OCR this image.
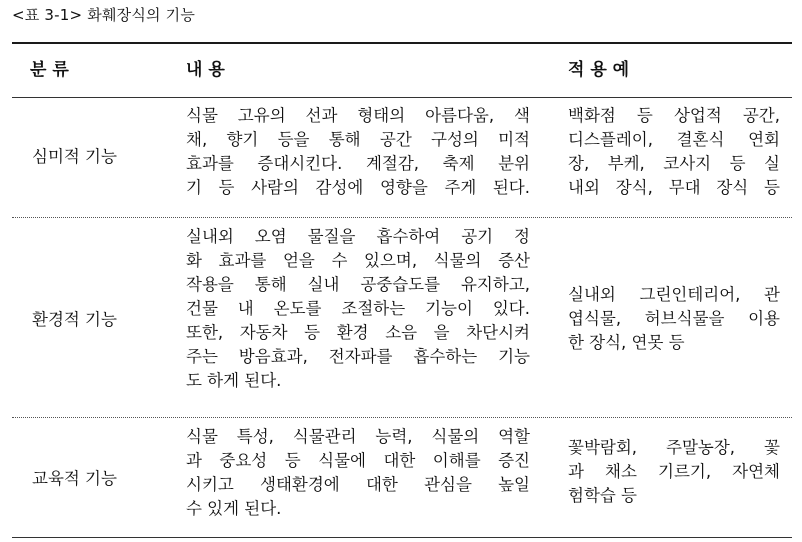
<표 3-1> 화훼장식의 기능
분 류	내 용	적 용 예
심미적 기능
식물 고유의 선과 형태의 아름다움, 색
채, 향기 등을 통해 공간 구성의 미적
효과를 증대시킨다. 계절감, 축제 분위
기 등 사람의 감성에 영향을 주게 된다.
백화점 등 상업적 공간,
디스플레이, 결혼식 연회
장, 부케, 코사지 등 실
내외 장식, 무대 장식 등
환경적 기능
실내외 오염 물질을 흡수하여 공기 정
화 효과를 얻을 수 있으며, 식물의 증산
작용을 통해 실내 공중습도를 유지하고,
건물 내 온도를 조절하는 기능이 있다.
또한, 자동차 등 환경 소음 을 차단시켜
주는 방음효과, 전자파를 흡수하는 기능
도 하게 된다.
실내외 그린인테리어, 관
엽식물, 허브식물을 이용
한 장식, 연못 등
교육적 기능
식물 특성, 식물관리 능력, 식물의 역할
과 중요성 등 식물에 대한 이해를 증진
시키고 생태환경에 대한 관심을 높일
수 있게 된다.
꽃박람회, 주말농장, 꽃
과 채소 기르기, 자연체
험학습 등
